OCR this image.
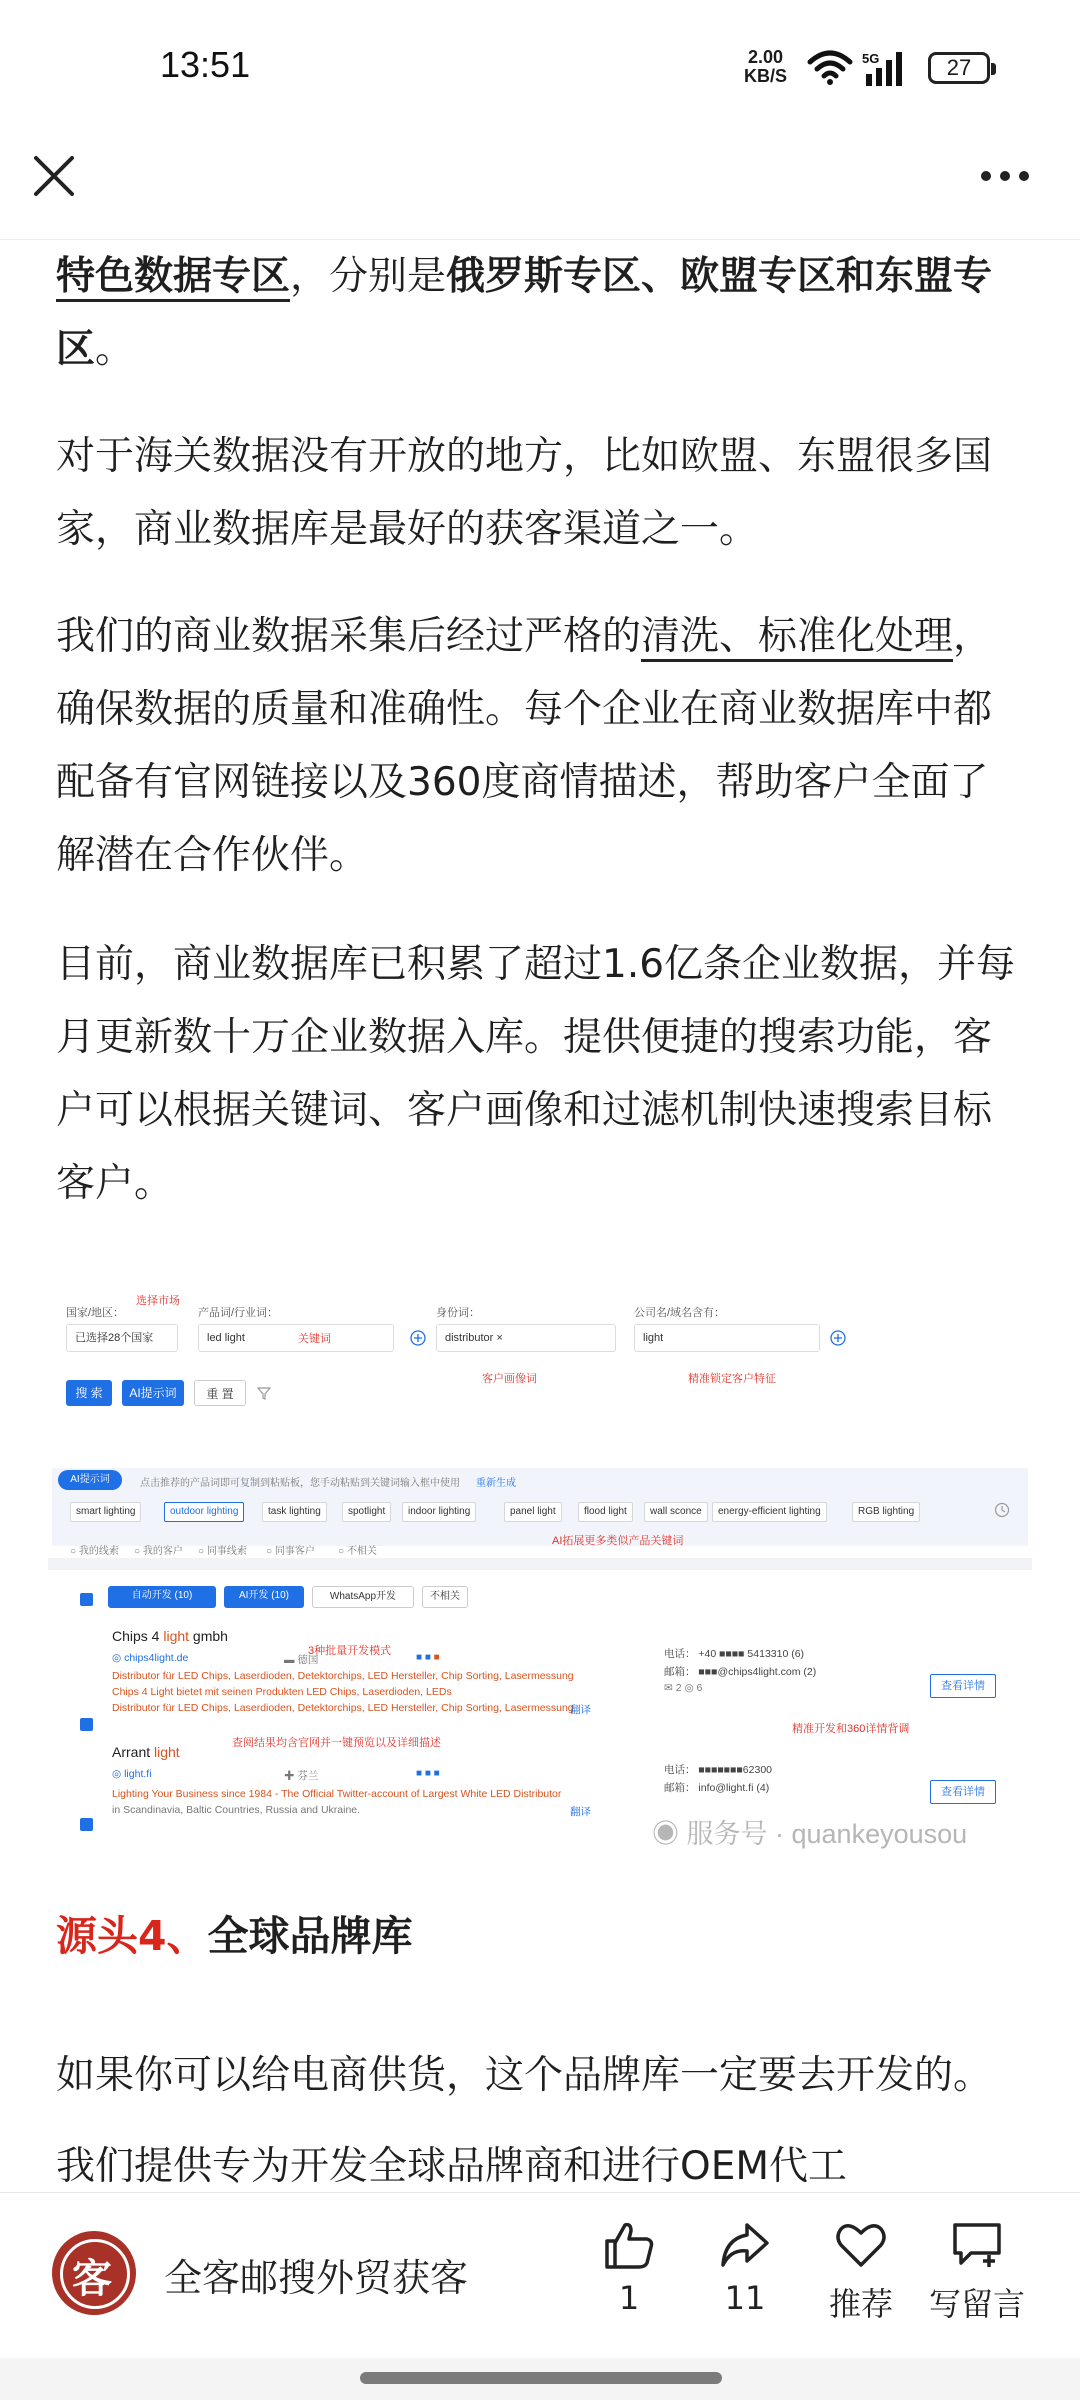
13:51	2.00
KB/S
5G	27

特色数据专区，分别是俄罗斯专区、欧盟专区和东盟专区。

对于海关数据没有开放的地方，比如欧盟、东盟很多国家，商业数据库是最好的获客渠道之一。

我们的商业数据采集后经过严格的清洗、标准化处理，确保数据的质量和准确性。每个企业在商业数据库中都配备有官网链接以及360度商情描述，帮助客户全面了解潜在合作伙伴。

目前，商业数据库已积累了超过1.6亿条企业数据，并每月更新数十万企业数据入库。提供便捷的搜索功能，客户可以根据关键词、客户画像和过滤机制快速搜索目标客户。

国家/地区：
选择市场
已选择28个国家
产品词/行业词：
led light	关键词
身份词：
distributor ×
客户画像词
公司名/域名含有：
light
精准锁定客户特征
搜 索	AI提示词	重 置
AI提示词	点击推荐的产品词即可复制到粘贴板，您手动粘贴到关键词输入框中使用 重新生成
smart lighting	outdoor lighting	task lighting	spotlight	indoor lighting	panel light	flood light	wall sconce	energy-efficient lighting	RGB lighting
○ 我的线索 ○ 我的客户 ○ 同事线索 ○ 同事客户 ○ 不相关
AI拓展更多类似产品关键词
自动开发 (10)	AI开发 (10)	WhatsApp开发	不相关
3种批量开发模式
Chips 4 light gmbh
◎ chips4light.de	▬ 德国	■ ■ ■
Distributor für LED Chips, Laserdioden, Detektorchips, LED Hersteller, Chip Sorting, Lasermessung
Chips 4 Light bietet mit seinen Produkten LED Chips, Laserdioden, LEDs
Distributor für LED Chips, Laserdioden, Detektorchips, LED Hersteller, Chip Sorting, Lasermessung
翻译
电话： +40 ■■■■ 5413310 (6)
邮箱： ■■■@chips4light.com (2)
✉ 2 ◎ 6	查看详情
查阅结果均含官网并一键预览以及详细描述
精准开发和360详情背调
Arrant light
◎ light.fi	✚ 芬兰	■ ■ ■
Lighting Your Business since 1984 - The Official Twitter-account of Largest White LED Distributor
in Scandinavia, Baltic Countries, Russia and Ukraine.	翻译
电话： ■■■■■■■62300
邮箱： info@light.fi (4)	查看详情
◉ 服务号 · quankeyousou

源头4、全球品牌库

如果你可以给电商供货，这个品牌库一定要去开发的。我们提供专为开发全球品牌商和进行OEM代工

客
全客邮搜外贸获客	1	11	推荐	写留言
